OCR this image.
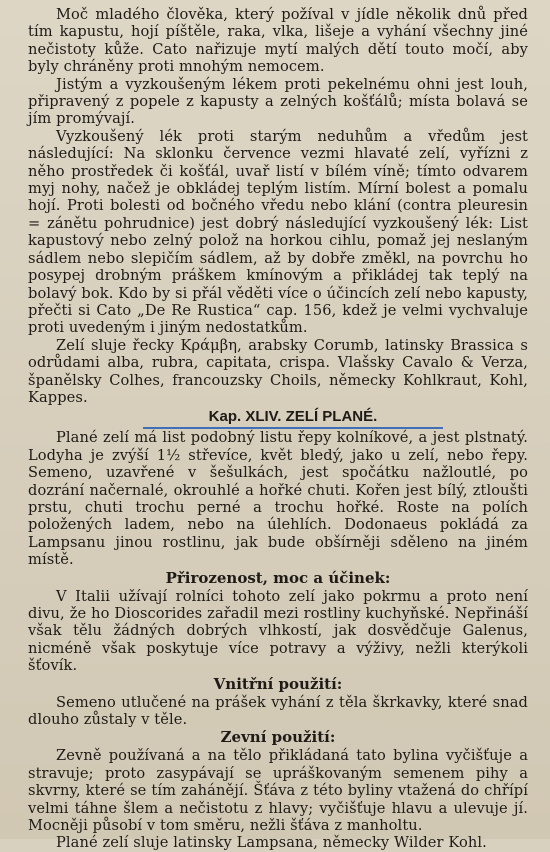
Moč mladého člověka, který požíval v jídle několik dnů před tím kapustu, hojí píštěle, raka, vlka, lišeje a vyhání všechny jiné nečistoty kůže. Cato nařizuje mytí malých dětí touto močí, aby byly chráněny proti mnohým nemocem.

Jistým a vyzkoušeným lékem proti pekelnému ohni jest louh, připravený z popele z kapusty a zelných košťálů; místa bolavá se jím promývají.

Vyzkoušený lék proti starým neduhům a vředům jest následující: Na sklonku července vezmi hlavaté zelí, vyřízni z něho prostředek či košťál, uvař listí v bílém víně; tímto odvarem myj nohy, načež je obkládej teplým listím. Mírní bolest a pomalu hojí. Proti bolesti od bočného vředu nebo klání (contra pleuresin = zánětu pohrudnice) jest dobrý následující vyzkoušený lék: List kapustový nebo zelný polož na horkou cihlu, pomaž jej neslaným sádlem nebo slepičím sádlem, až by dobře změkl, na povrchu ho posypej drobným práškem kmínovým a přikládej tak teplý na bolavý bok. Kdo by si přál věděti více o účincích zelí nebo kapusty, přečti si Cato „De Re Rustica“ cap. 156, kdež je velmi vychvaluje proti uvedeným i jiným nedostatkům.

Zelí sluje řecky Κράμβη, arabsky Corumb, latinsky Brassica s odrůdami alba, rubra, capitata, crispa. Vlašsky Cavalo & Verza, španělsky Colhes, francouzsky Choils, německy Kohlkraut, Kohl, Kappes.

Kap. XLIV. ZELÍ PLANÉ.

Plané zelí má list podobný listu řepy kolníkové, a jest plstnatý. Lodyha je zvýší 1½ střevíce, květ bledý, jako u zelí, nebo řepy. Semeno, uzavřené v šešulkách, jest spočátku nažloutlé, po dozrání načernalé, okrouhlé a hořké chuti. Kořen jest bílý, ztloušti prstu, chuti trochu perné a trochu hořké. Roste na polích položených ladem, nebo na úlehlích. Dodonaeus pokládá za Lampsanu jinou rostlinu, jak bude obšírněji sděleno na jiném místě.

Přirozenost, moc a účinek:

V Italii užívají rolníci tohoto zelí jako pokrmu a proto není divu, že ho Dioscorides zařadil mezi rostliny kuchyňské. Nepřináší však tělu žádných dobrých vlhkostí, jak dosvědčuje Galenus, nicméně však poskytuje více potravy a výživy, nežli kterýkoli šťovík.

Vnitřní použití:

Semeno utlučené na prášek vyhání z těla škrkavky, které snad dlouho zůstaly v těle.

Zevní použití:

Zevně používaná a na tělo přikládaná tato bylina vyčišťuje a stravuje; proto zasypávají se upráškovaným semenem pihy a skvrny, které se tím zahánějí. Šťáva z této byliny vtažená do chřípí velmi táhne šlem a nečistotu z hlavy; vyčišťuje hlavu a ulevuje jí. Mocněji působí v tom směru, nežli šťáva z manholtu.

Plané zelí sluje latinsky Lampsana, německy Wilder Kohl.
